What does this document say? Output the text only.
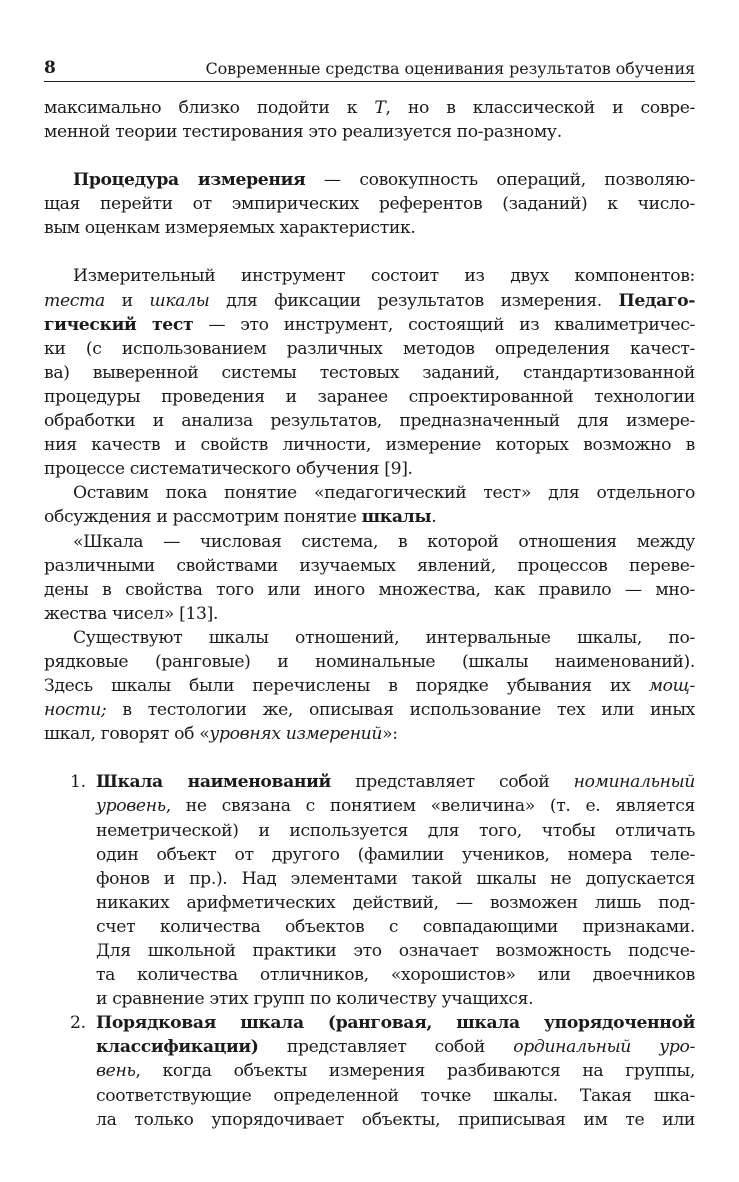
8	Современные средства оценивания результатов обучения
максимально близко подойти к T, но в классической и совре-
менной теории тестирования это реализуется по-разному.
Процедура измерения — совокупность операций, позволяю-
щая перейти от эмпирических референтов (заданий) к число-
вым оценкам измеряемых характеристик.
Измерительный инструмент состоит из двух компонентов:
теста и шкалы для фиксации результатов измерения. Педаго-
гический тест — это инструмент, состоящий из квалиметричес-
ки (с использованием различных методов определения качест-
ва) выверенной системы тестовых заданий, стандартизованной
процедуры проведения и заранее спроектированной технологии
обработки и анализа результатов, предназначенный для измере-
ния качеств и свойств личности, измерение которых возможно в
процессе систематического обучения [9].
Оставим пока понятие «педагогический тест» для отдельного
обсуждения и рассмотрим понятие шкалы.
«Шкала — числовая система, в которой отношения между
различными свойствами изучаемых явлений, процессов переве-
дены в свойства того или иного множества, как правило — мно-
жества чисел» [13].
Существуют шкалы отношений, интервальные шкалы, по-
рядковые (ранговые) и номинальные (шкалы наименований).
Здесь шкалы были перечислены в порядке убывания их мощ-
ности; в тестологии же, описывая использование тех или иных
шкал, говорят об «уровнях измерений»:
1. Шкала наименований представляет собой номинальный
уровень, не связана с понятием «величина» (т. е. является
неметрической) и используется для того, чтобы отличать
один объект от другого (фамилии учеников, номера теле-
фонов и пр.). Над элементами такой шкалы не допускается
никаких арифметических действий, — возможен лишь под-
счет количества объектов с совпадающими признаками.
Для школьной практики это означает возможность подсче-
та количества отличников, «хорошистов» или двоечников
и сравнение этих групп по количеству учащихся.
2. Порядковая шкала (ранговая, шкала упорядоченной
классификации) представляет собой ординальный уро-
вень, когда объекты измерения разбиваются на группы,
соответствующие определенной точке шкалы. Такая шка-
ла только упорядочивает объекты, приписывая им те или
